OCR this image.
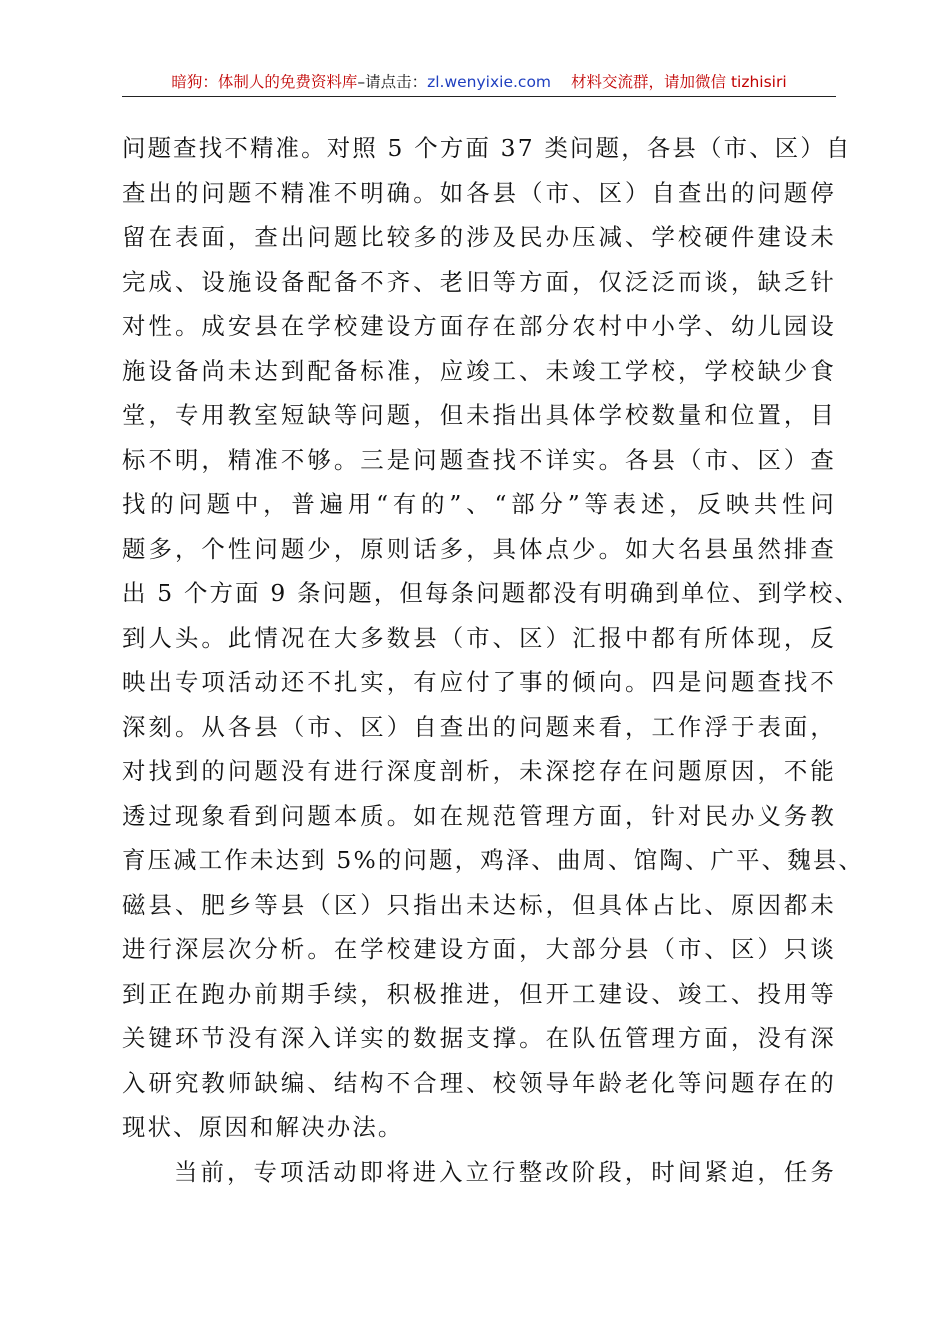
暗狗：体制人的免费资料库–请点击：zl.wenyixie.com 材料交流群，请加微信 tizhisiri
问题查找不精准。对照 5 个方面 37 类问题，各县（市、区）自
查出的问题不精准不明确。如各县（市、区）自查出的问题停
留在表面，查出问题比较多的涉及民办压减、学校硬件建设未
完成、设施设备配备不齐、老旧等方面，仅泛泛而谈，缺乏针
对性。成安县在学校建设方面存在部分农村中小学、幼儿园设
施设备尚未达到配备标准，应竣工、未竣工学校，学校缺少食
堂，专用教室短缺等问题，但未指出具体学校数量和位置，目
标不明，精准不够。三是问题查找不详实。各县（市、区）查
找的问题中，普遍用“有的”、“部分”等表述，反映共性问
题多，个性问题少，原则话多，具体点少。如大名县虽然排查
出 5 个方面 9 条问题，但每条问题都没有明确到单位、到学校、
到人头。此情况在大多数县（市、区）汇报中都有所体现，反
映出专项活动还不扎实，有应付了事的倾向。四是问题查找不
深刻。从各县（市、区）自查出的问题来看，工作浮于表面，
对找到的问题没有进行深度剖析，未深挖存在问题原因，不能
透过现象看到问题本质。如在规范管理方面，针对民办义务教
育压减工作未达到 5%的问题，鸡泽、曲周、馆陶、广平、魏县、
磁县、肥乡等县（区）只指出未达标，但具体占比、原因都未
进行深层次分析。在学校建设方面，大部分县（市、区）只谈
到正在跑办前期手续，积极推进，但开工建设、竣工、投用等
关键环节没有深入详实的数据支撑。在队伍管理方面，没有深
入研究教师缺编、结构不合理、校领导年龄老化等问题存在的
现状、原因和解决办法。
当前，专项活动即将进入立行整改阶段，时间紧迫，任务
